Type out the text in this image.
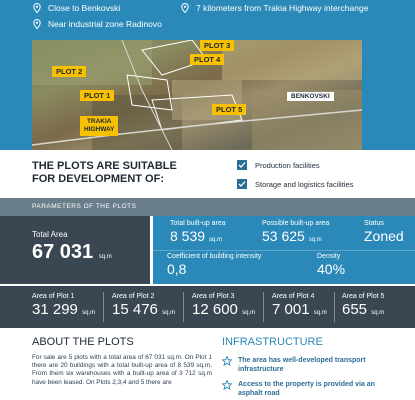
Close to Benkovski	7 kilometers from Trakia Highway interchange
Near industrial zone Radinovo
PLOT 3
PLOT 4
PLOT 2
PLOT 1
PLOT 5
BENKOVSKI
TRAKIA
HIGHWAY
THE PLOTS ARE SUITABLE
FOR DEVELOPMENT OF:
Production facilities
Storage and logistics facilities
PARAMETERS OF THE PLOTS
Total Area
67 031 sq.m
Total built-up area
8 539 sq.m
Possible built-up area
53 625 sq.m
Status
Zoned
Coefficient of building intensity
0,8
Density
40%
Area of Plot 1
31 299 sq.m
Area of Plot 2
15 476 sq.m
Area of Plot 3
12 600 sq.m
Area of Plot 4
7 001 sq.m
Area of Plot 5
655 sq.m
ABOUT THE PLOTS
For sale are 5 plots with a total area of 67 031 sq.m. On Plot 1 there are 20 buildings with a total built-up area of 8 539 sq.m. From them six warehouses with a built-up area of 3 712 sq.m have been leased. On Plots 2,3,4 and 5 there are
INFRASTRUCTURE
The area has well-developed transport infrastructure
Access to the property is provided via an asphalt road
